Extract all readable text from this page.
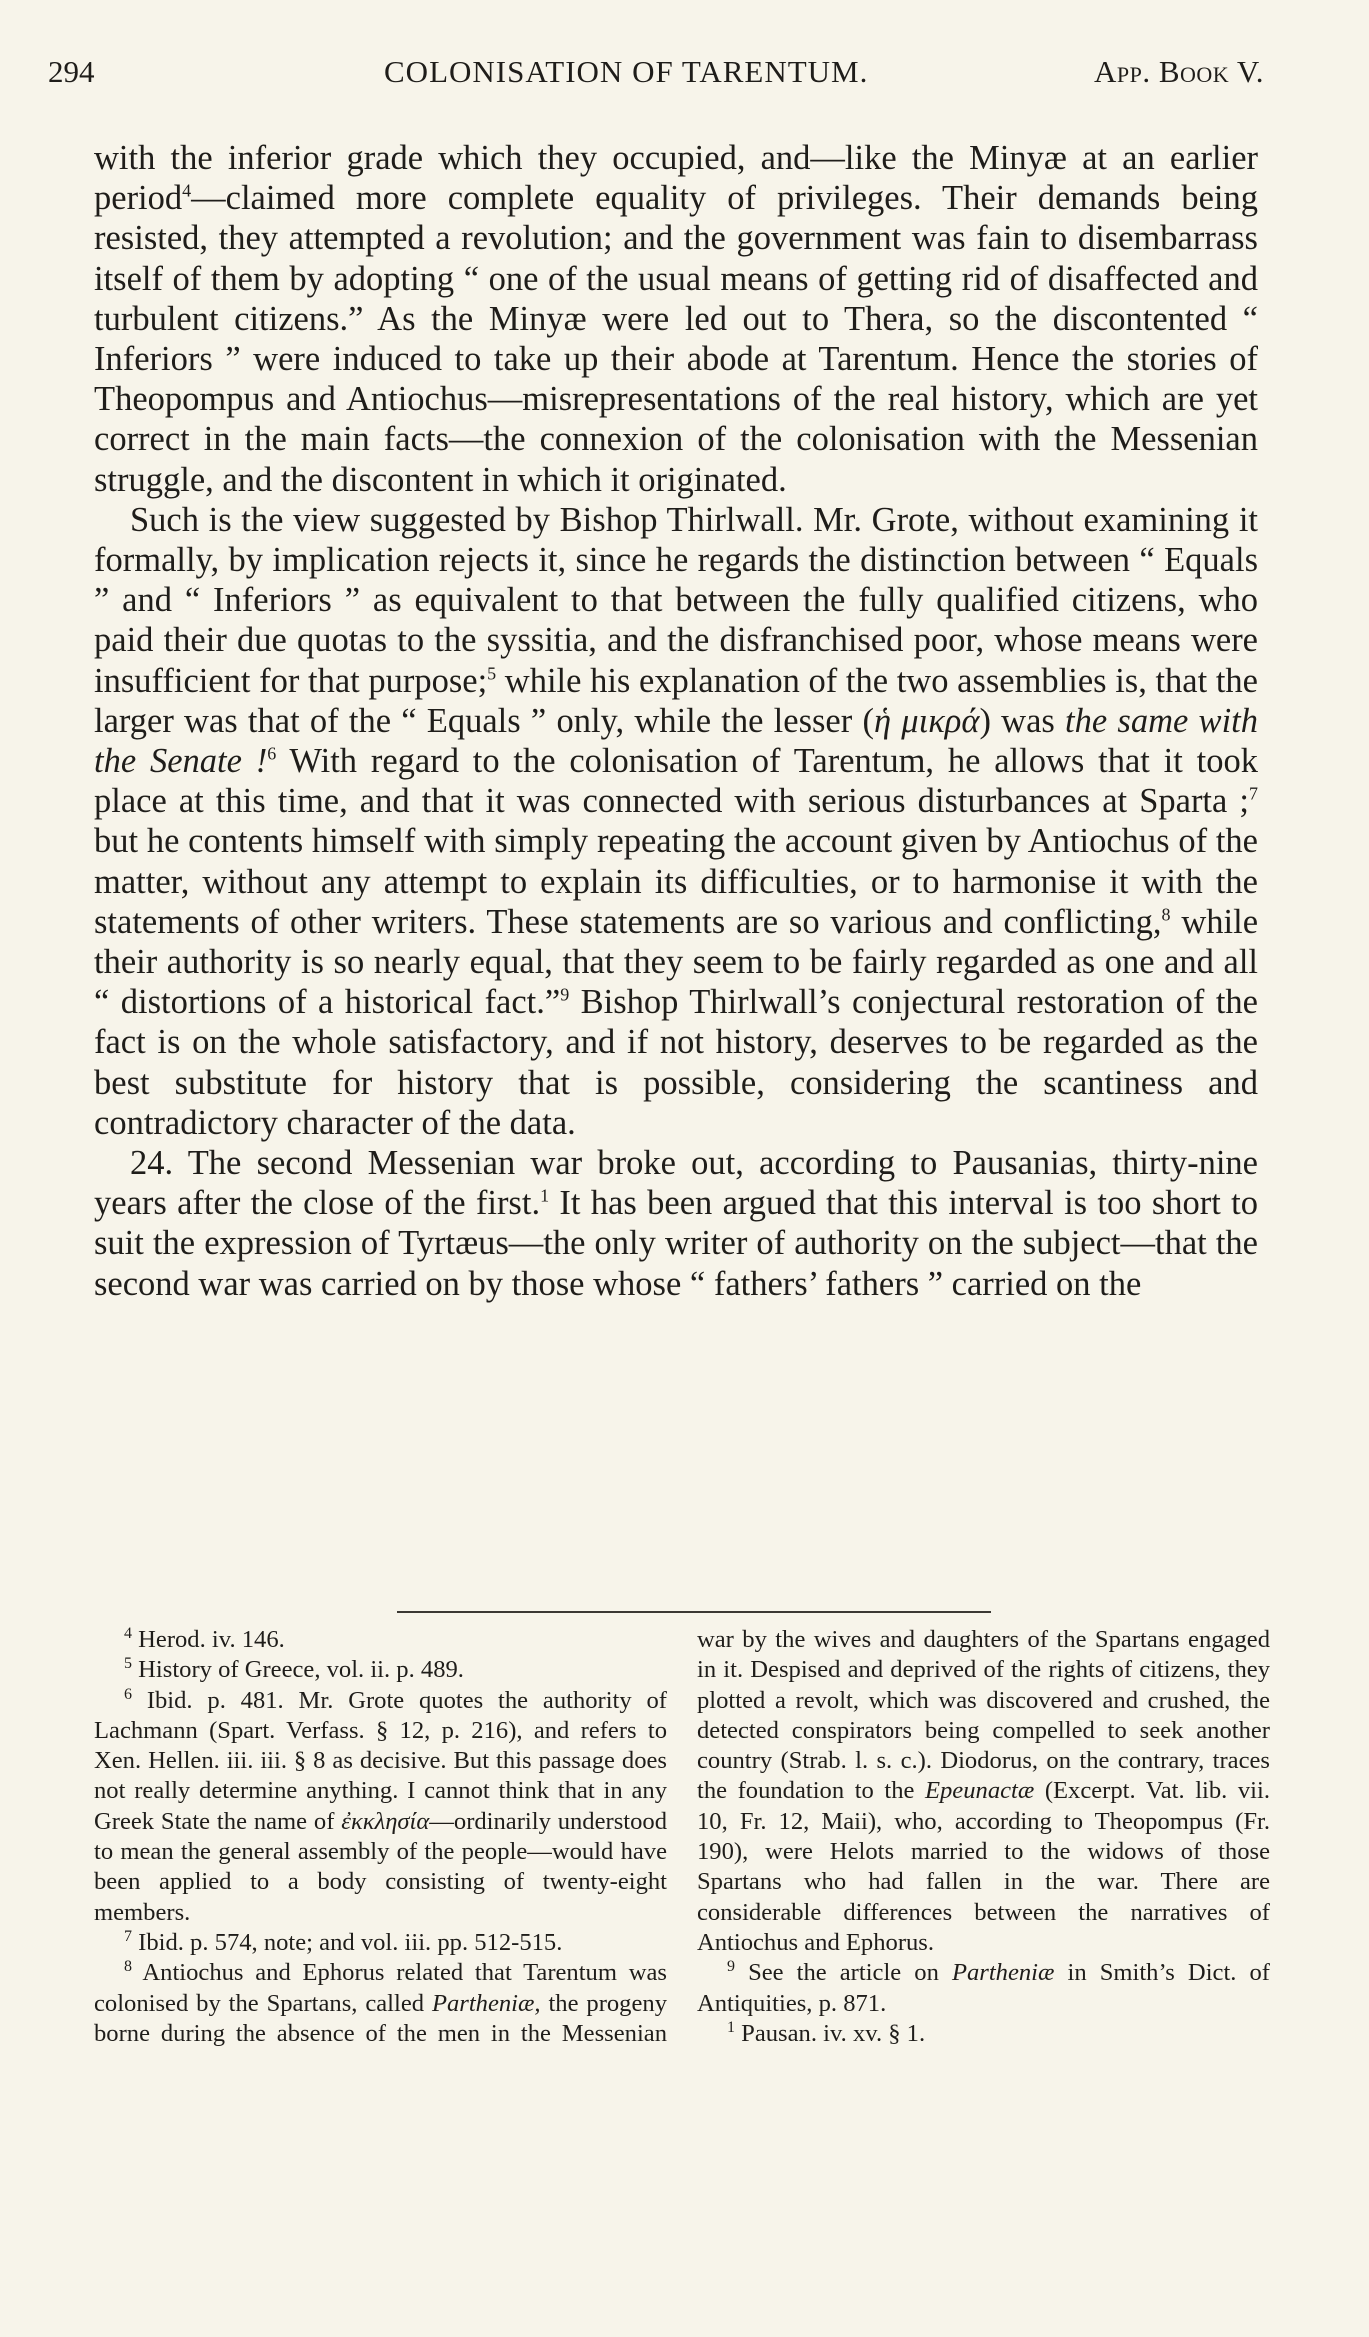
294	COLONISATION OF TARENTUM.	App. Book V.

with the inferior grade which they occupied, and—like the Minyæ at an earlier period$^4$—claimed more complete equality of privileges. Their demands being resisted, they attempted a revolution; and the government was fain to disembarrass itself of them by adopting “ one of the usual means of getting rid of disaffected and turbulent citizens.” As the Minyæ were led out to Thera, so the discontented “ Inferiors ” were induced to take up their abode at Tarentum. Hence the stories of Theopompus and Antiochus—misrepresentations of the real history, which are yet correct in the main facts—the connexion of the colonisation with the Messenian struggle, and the discontent in which it originated.

Such is the view suggested by Bishop Thirlwall. Mr. Grote, without examining it formally, by implication rejects it, since he regards the distinction between “ Equals ” and “ Inferiors ” as equivalent to that between the fully qualified citizens, who paid their due quotas to the syssitia, and the disfranchised poor, whose means were insufficient for that purpose;$^5$ while his explanation of the two assemblies is, that the larger was that of the “ Equals ” only, while the lesser (ἡ μικρά) was the same with the Senate !$^6$ With regard to the colonisation of Tarentum, he allows that it took place at this time, and that it was connected with serious disturbances at Sparta ;$^7$ but he contents himself with simply repeating the account given by Antiochus of the matter, without any attempt to explain its difficulties, or to harmonise it with the statements of other writers. These statements are so various and conflicting,$^8$ while their authority is so nearly equal, that they seem to be fairly regarded as one and all “ distortions of a historical fact.”$^9$ Bishop Thirlwall’s conjectural restoration of the fact is on the whole satisfactory, and if not history, deserves to be regarded as the best substitute for history that is possible, considering the scantiness and contradictory character of the data.

24. The second Messenian war broke out, according to Pausanias, thirty-nine years after the close of the first.$^1$ It has been argued that this interval is too short to suit the expression of Tyrtæus—the only writer of authority on the subject—that the second war was carried on by those whose “ fathers’ fathers ” carried on the

$^4$ Herod. iv. 146.

$^5$ History of Greece, vol. ii. p. 489.

$^6$ Ibid. p. 481. Mr. Grote quotes the authority of Lachmann (Spart. Verfass. § 12, p. 216), and refers to Xen. Hellen. iii. iii. § 8 as decisive. But this passage does not really determine anything. I cannot think that in any Greek State the name of ἐκκλησία—ordinarily understood to mean the general assembly of the people—would have been applied to a body consisting of twenty-eight members.

$^7$ Ibid. p. 574, note; and vol. iii. pp. 512-515.

$^8$ Antiochus and Ephorus related that Tarentum was colonised by the Spartans, called Partheniæ, the progeny borne during the absence of the men in the Messenian war by the wives and daughters of the Spartans engaged in it. Despised and deprived of the rights of citizens, they plotted a revolt, which was discovered and crushed, the detected conspirators being compelled to seek another country (Strab. l. s. c.). Diodorus, on the contrary, traces the foundation to the Epeunactæ (Excerpt. Vat. lib. vii. 10, Fr. 12, Maii), who, according to Theopompus (Fr. 190), were Helots married to the widows of those Spartans who had fallen in the war. There are considerable differences between the narratives of Antiochus and Ephorus.

$^9$ See the article on Partheniæ in Smith’s Dict. of Antiquities, p. 871.

$^1$ Pausan. iv. xv. § 1.
